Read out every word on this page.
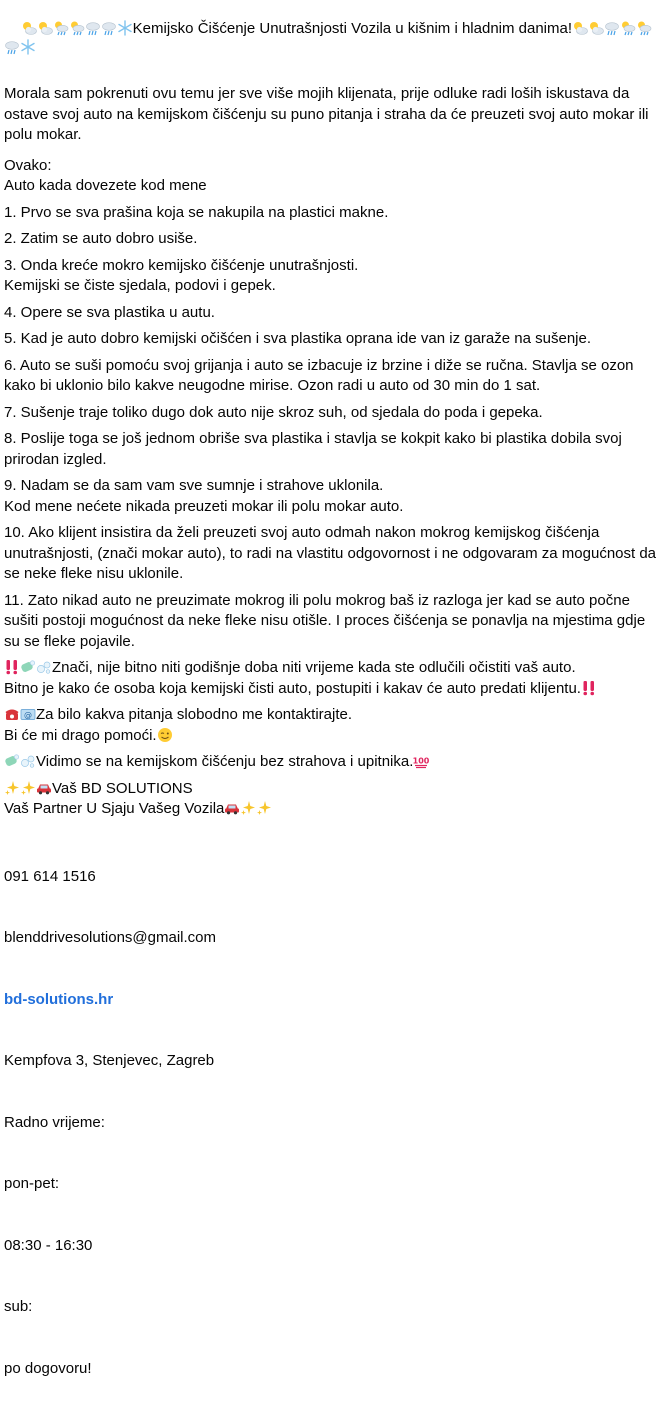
Kemijsko Čišćenje Unutrašnjosti Vozila u kišnim i hladnim danima!

Morala sam pokrenuti ovu temu jer sve više mojih klijenata, prije odluke radi loših iskustava da ostave svoj auto na kemijskom čišćenju su puno pitanja i straha da će preuzeti svoj auto mokar ili polu mokar.
Ovako:
Auto kada dovezete kod mene
1. Prvo se sva prašina koja se nakupila na plastici makne.
2. Zatim se auto dobro usiše.
3. Onda kreće mokro kemijsko čišćenje unutrašnjosti.
Kemijski se čiste sjedala, podovi i gepek.
4. Opere se sva plastika u autu.
5. Kad je auto dobro kemijski očišćen i sva plastika oprana ide van iz garaže na sušenje.
6. Auto se suši pomoću svoj grijanja i auto se izbacuje iz brzine i diže se ručna. Stavlja se ozon kako bi uklonio bilo kakve neugodne mirise. Ozon radi u auto od 30 min do 1 sat.
7. Sušenje traje toliko dugo dok auto nije skroz suh, od sjedala do poda i gepeka.
8. Poslije toga se još jednom obriše sva plastika i stavlja se kokpit kako bi plastika dobila svoj prirodan izgled.
9. Nadam se da sam vam sve sumnje i strahove uklonila.
Kod mene nećete nikada preuzeti mokar ili polu mokar auto.
10. Ako klijent insistira da želi preuzeti svoj auto odmah nakon mokrog kemijskog čišćenja unutrašnjosti, (znači mokar auto), to radi na vlastitu odgovornost i ne odgovaram za mogućnost da se neke fleke nisu uklonile.
11. Zato nikad auto ne preuzimate mokrog ili polu mokrog baš iz razloga jer kad se auto počne sušiti postoji mogućnost da neke fleke nisu otišle. I proces čišćenja se ponavlja na mjestima gdje su se fleke pojavile.
Znači, nije bitno niti godišnje doba niti vrijeme kada ste odlučili očistiti vaš auto.
Bitno je kako će osoba koja kemijski čisti auto, postupiti i kakav će auto predati klijentu.
Za bilo kakva pitanja slobodno me kontaktirajte.
Bi će mi drago pomoći.
Vidimo se na kemijskom čišćenju bez strahova i upitnika.
Vaš BD SOLUTIONS
Vaš Partner U Sjaju Vašeg Vozila

091 614 1516

blenddrivesolutions@gmail.com

bd-solutions.hr

Kempfova 3, Stenjevec, Zagreb

Radno vrijeme:

pon-pet:

08:30 - 16:30

sub:

po dogovoru!
